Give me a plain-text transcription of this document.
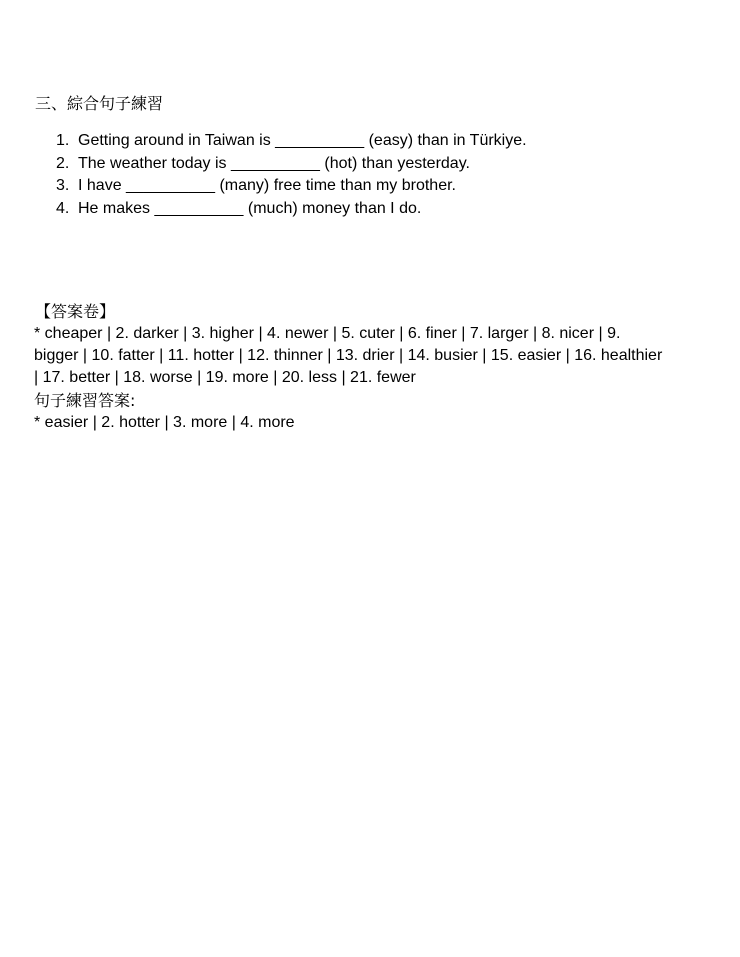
三、綜合句子練習
1. Getting around in Taiwan is __________ (easy) than in Türkiye.
2. The weather today is __________ (hot) than yesterday.
3. I have __________ (many) free time than my brother.
4. He makes __________ (much) money than I do.
【答案卷】
* cheaper | 2. darker | 3. higher | 4. newer | 5. cuter | 6. finer | 7. larger | 8. nicer | 9.
bigger | 10. fatter | 11. hotter | 12. thinner | 13. drier | 14. busier | 15. easier | 16. healthier
| 17. better | 18. worse | 19. more | 20. less | 21. fewer
句子練習答案:
* easier | 2. hotter | 3. more | 4. more
